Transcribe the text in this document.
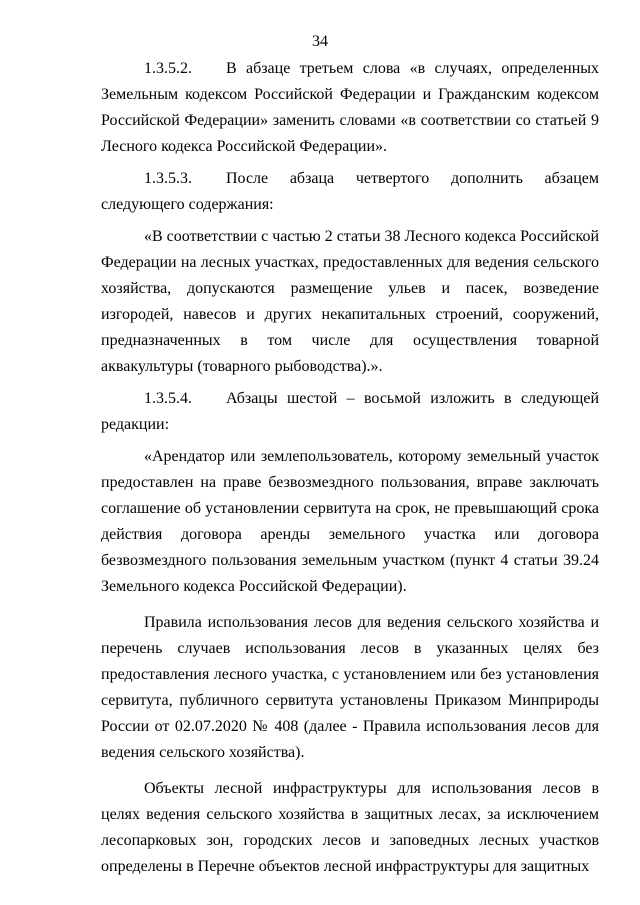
34

1.3.5.2. В абзаце третьем слова «в случаях, определенных Земельным кодексом Российской Федерации и Гражданским кодексом Российской Федерации» заменить словами «в соответствии со статьей 9 Лесного кодекса Российской Федерации».

1.3.5.3. После абзаца четвертого дополнить абзацем следующего содержания:

«В соответствии с частью 2 статьи 38 Лесного кодекса Российской Федерации на лесных участках, предоставленных для ведения сельского хозяйства, допускаются размещение ульев и пасек, возведение изгородей, навесов и других некапитальных строений, сооружений, предназначенных в том числе для осуществления товарной аквакультуры (товарного рыбоводства).».

1.3.5.4. Абзацы шестой – восьмой изложить в следующей редакции:

«Арендатор или землепользователь, которому земельный участок предоставлен на праве безвозмездного пользования, вправе заключать соглашение об установлении сервитута на срок, не превышающий срока действия договора аренды земельного участка или договора безвозмездного пользования земельным участком (пункт 4 статьи 39.24 Земельного кодекса Российской Федерации).

Правила использования лесов для ведения сельского хозяйства и перечень случаев использования лесов в указанных целях без предоставления лесного участка, с установлением или без установления сервитута, публичного сервитута установлены Приказом Минприроды России от 02.07.2020 № 408 (далее - Правила использования лесов для ведения сельского хозяйства).

Объекты лесной инфраструктуры для использования лесов в целях ведения сельского хозяйства в защитных лесах, за исключением лесопарковых зон, городских лесов и заповедных лесных участков определены в Перечне объектов лесной инфраструктуры для защитных
